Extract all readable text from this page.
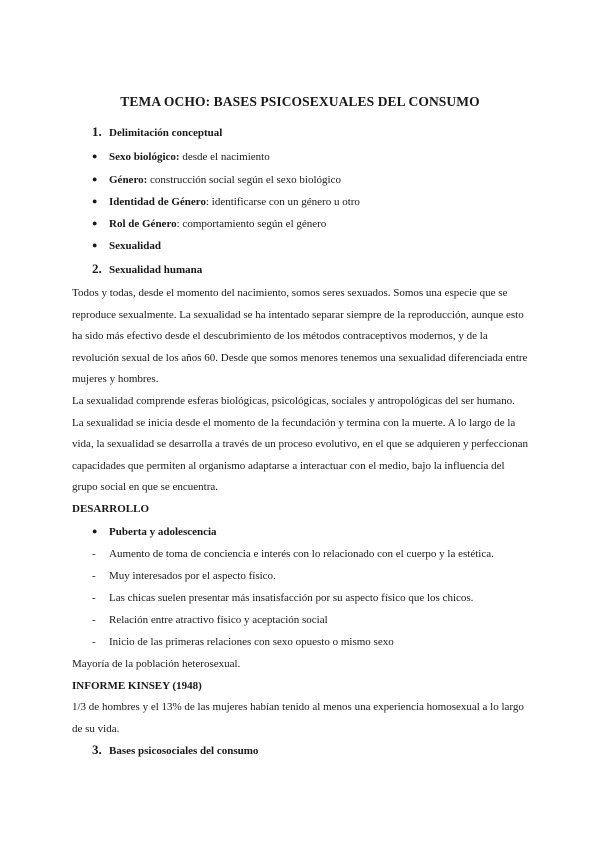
TEMA OCHO: BASES PSICOSEXUALES DEL CONSUMO
1. Delimitación conceptual
● Sexo biológico: desde el nacimiento
● Género: construcción social según el sexo biológico
● Identidad de Género: identificarse con un género u otro
● Rol de Género: comportamiento según el género
● Sexualidad
2. Sexualidad humana
Todos y todas, desde el momento del nacimiento, somos seres sexuados. Somos una especie que se reproduce sexualmente. La sexualidad se ha intentado separar siempre de la reproducción, aunque esto ha sido más efectivo desde el descubrimiento de los métodos contraceptivos modernos, y de la revolución sexual de los años 60. Desde que somos menores tenemos una sexualidad diferenciada entre mujeres y hombres.
La sexualidad comprende esferas biológicas, psicológicas, sociales y antropológicas del ser humano. La sexualidad se inicia desde el momento de la fecundación y termina con la muerte. A lo largo de la vida, la sexualidad se desarrolla a través de un proceso evolutivo, en el que se adquieren y perfeccionan capacidades que permiten al organismo adaptarse a interactuar con el medio, bajo la influencia del grupo social en que se encuentra.
DESARROLLO
● Puberta y adolescencia
- Aumento de toma de conciencia e interés con lo relacionado con el cuerpo y la estética.
- Muy interesados por el aspecto físico.
- Las chicas suelen presentar más insatisfacción por su aspecto físico que los chicos.
- Relación entre atractivo físico y aceptación social
- Inicio de las primeras relaciones con sexo opuesto o mismo sexo
Mayoría de la población heterosexual.
INFORME KINSEY (1948)
1/3 de hombres y el 13% de las mujeres habían tenido al menos una experiencia homosexual a lo largo de su vida.
3. Bases psicosociales del consumo
